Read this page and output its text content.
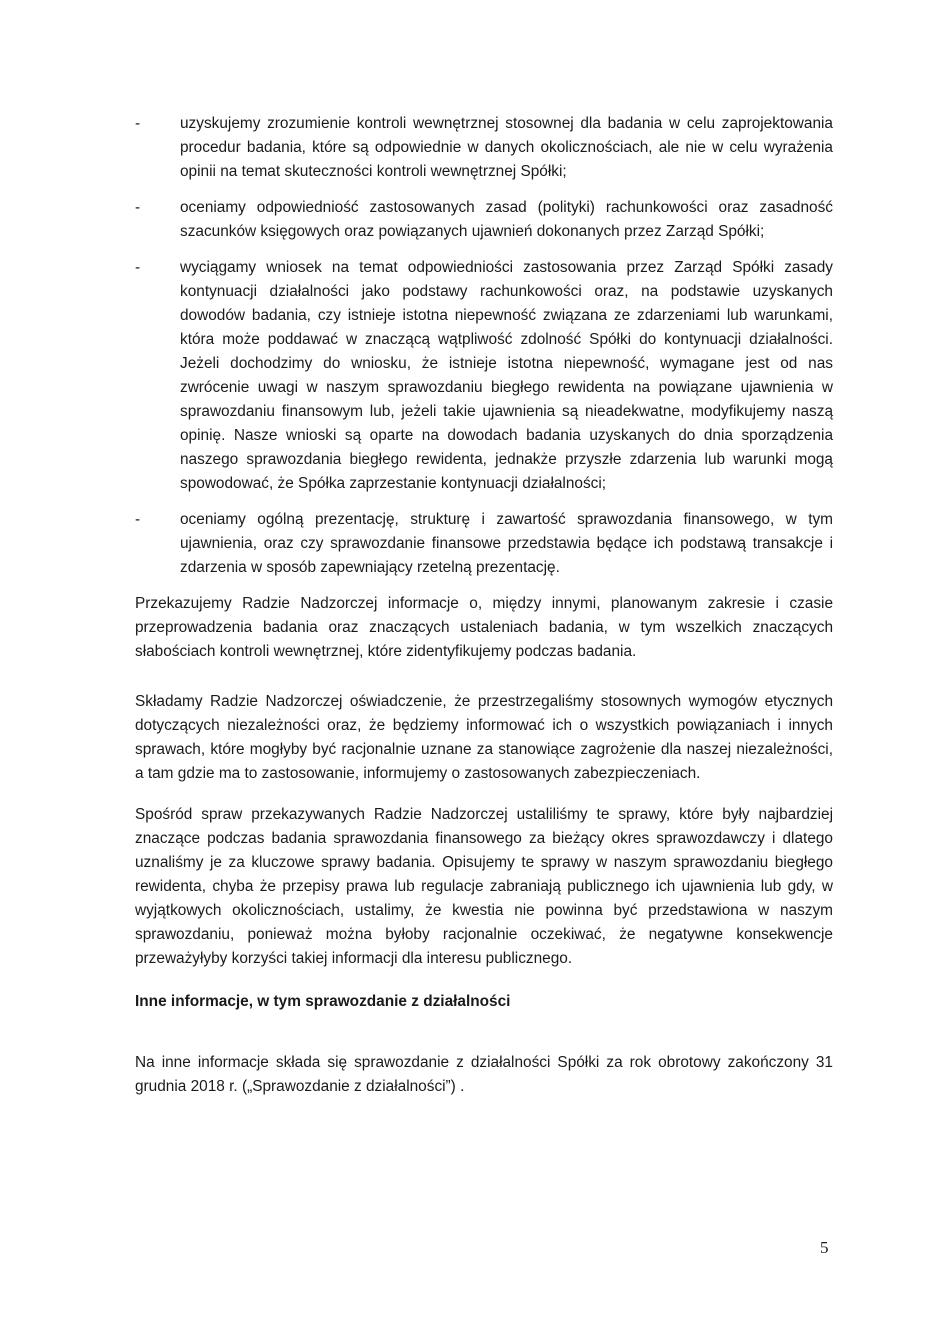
-	uzyskujemy zrozumienie kontroli wewnętrznej stosownej dla badania w celu zaprojektowania procedur badania, które są odpowiednie w danych okolicznościach, ale nie w celu wyrażenia opinii na temat skuteczności kontroli wewnętrznej Spółki;
-	oceniamy odpowiedniość zastosowanych zasad (polityki) rachunkowości oraz zasadność szacunków księgowych oraz powiązanych ujawnień dokonanych przez Zarząd Spółki;
-	wyciągamy wniosek na temat odpowiedniości zastosowania przez Zarząd Spółki zasady kontynuacji działalności jako podstawy rachunkowości oraz, na podstawie uzyskanych dowodów badania, czy istnieje istotna niepewność związana ze zdarzeniami lub warunkami, która może poddawać w znaczącą wątpliwość zdolność Spółki do kontynuacji działalności. Jeżeli dochodzimy do wniosku, że istnieje istotna niepewność, wymagane jest od nas zwrócenie uwagi w naszym sprawozdaniu biegłego rewidenta na powiązane ujawnienia w sprawozdaniu finansowym lub, jeżeli takie ujawnienia są nieadekwatne, modyfikujemy naszą opinię. Nasze wnioski są oparte na dowodach badania uzyskanych do dnia sporządzenia naszego sprawozdania biegłego rewidenta, jednakże przyszłe zdarzenia lub warunki mogą spowodować, że Spółka zaprzestanie kontynuacji działalności;
-	oceniamy ogólną prezentację, strukturę i zawartość sprawozdania finansowego, w tym ujawnienia, oraz czy sprawozdanie finansowe przedstawia będące ich podstawą transakcje i zdarzenia w sposób zapewniający rzetelną prezentację.

Przekazujemy Radzie Nadzorczej informacje o, między innymi, planowanym zakresie i czasie przeprowadzenia badania oraz znaczących ustaleniach badania, w tym wszelkich znaczących słabościach kontroli wewnętrznej, które zidentyfikujemy podczas badania.

Składamy Radzie Nadzorczej oświadczenie, że przestrzegaliśmy stosownych wymogów etycznych dotyczących niezależności oraz, że będziemy informować ich o wszystkich powiązaniach i innych sprawach, które mogłyby być racjonalnie uznane za stanowiące zagrożenie dla naszej niezależności, a tam gdzie ma to zastosowanie, informujemy o zastosowanych zabezpieczeniach.

Spośród spraw przekazywanych Radzie Nadzorczej ustaliliśmy te sprawy, które były najbardziej znaczące podczas badania sprawozdania finansowego za bieżący okres sprawozdawczy i dlatego uznaliśmy je za kluczowe sprawy badania. Opisujemy te sprawy w naszym sprawozdaniu biegłego rewidenta, chyba że przepisy prawa lub regulacje zabraniają publicznego ich ujawnienia lub gdy, w wyjątkowych okolicznościach, ustalimy, że kwestia nie powinna być przedstawiona w naszym sprawozdaniu, ponieważ można byłoby racjonalnie oczekiwać, że negatywne konsekwencje przeważyłyby korzyści takiej informacji dla interesu publicznego.

Inne informacje, w tym sprawozdanie z działalności

Na inne informacje składa się sprawozdanie z działalności Spółki za rok obrotowy zakończony 31 grudnia 2018 r. („Sprawozdanie z działalności”) .

5
